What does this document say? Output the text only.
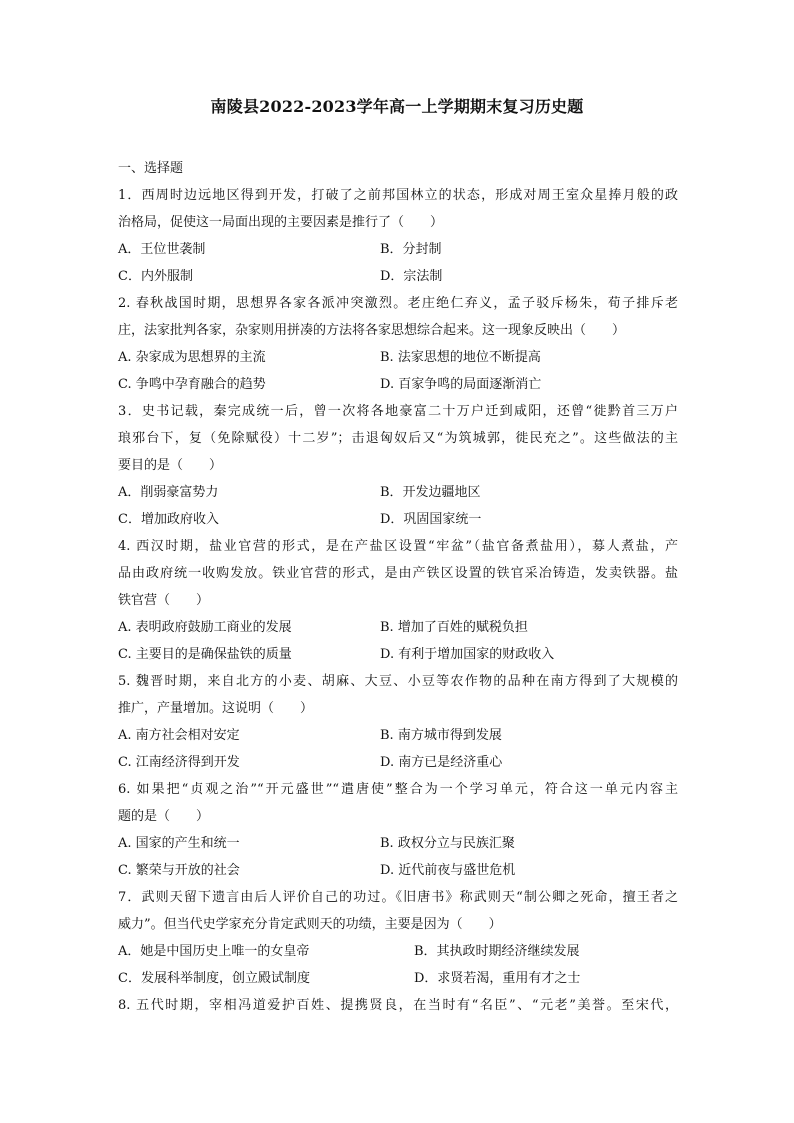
南陵县2022-2023学年高一上学期期末复习历史题
一、选择题
1．西周时边远地区得到开发，打破了之前邦国林立的状态，形成对周王室众星捧月般的政
治格局，促使这一局面出现的主要因素是推行了（　　）
A．王位世袭制	B．分封制
C．内外服制	D．宗法制
2. 春秋战国时期，思想界各家各派冲突激烈。老庄绝仁弃义，孟子驳斥杨朱，荀子排斥老
庄，法家批判各家，杂家则用拼凑的方法将各家思想综合起来。这一现象反映出（　　）
A. 杂家成为思想界的主流	B. 法家思想的地位不断提高
C. 争鸣中孕育融合的趋势	D. 百家争鸣的局面逐渐消亡
3．史书记载，秦完成统一后，曾一次将各地豪富二十万户迁到咸阳，还曾“徙黔首三万户
琅邪台下，复（免除赋役）十二岁”；击退匈奴后又“为筑城郭，徙民充之”。这些做法的主
要目的是（　　）
A．削弱豪富势力	B．开发边疆地区
C．增加政府收入	D．巩固国家统一
4. 西汉时期，盐业官营的形式，是在产盐区设置“牢盆”（盐官备煮盐用），募人煮盐，产
品由政府统一收购发放。铁业官营的形式，是由产铁区设置的铁官采冶铸造，发卖铁器。盐
铁官营（　　）
A. 表明政府鼓励工商业的发展	B. 增加了百姓的赋税负担
C. 主要目的是确保盐铁的质量	D. 有利于增加国家的财政收入
5. 魏晋时期，来自北方的小麦、胡麻、大豆、小豆等农作物的品种在南方得到了大规模的
推广，产量增加。这说明（　　）
A. 南方社会相对安定	B. 南方城市得到发展
C. 江南经济得到开发	D. 南方已是经济重心
6. 如果把“贞观之治”“开元盛世”“遣唐使”整合为一个学习单元，符合这一单元内容主
题的是（　　）
A. 国家的产生和统一	B. 政权分立与民族汇聚
C. 繁荣与开放的社会	D. 近代前夜与盛世危机
7．武则天留下遗言由后人评价自己的功过。《旧唐书》称武则天“制公卿之死命，擅王者之
威力”。但当代史学家充分肯定武则天的功绩，主要是因为（　　）
A．她是中国历史上唯一的女皇帝	B．其执政时期经济继续发展
C．发展科举制度，创立殿试制度	D．求贤若渴，重用有才之士
8. 五代时期，宰相冯道爱护百姓、提携贤良，在当时有“名臣”、“元老”美誉。至宋代，
